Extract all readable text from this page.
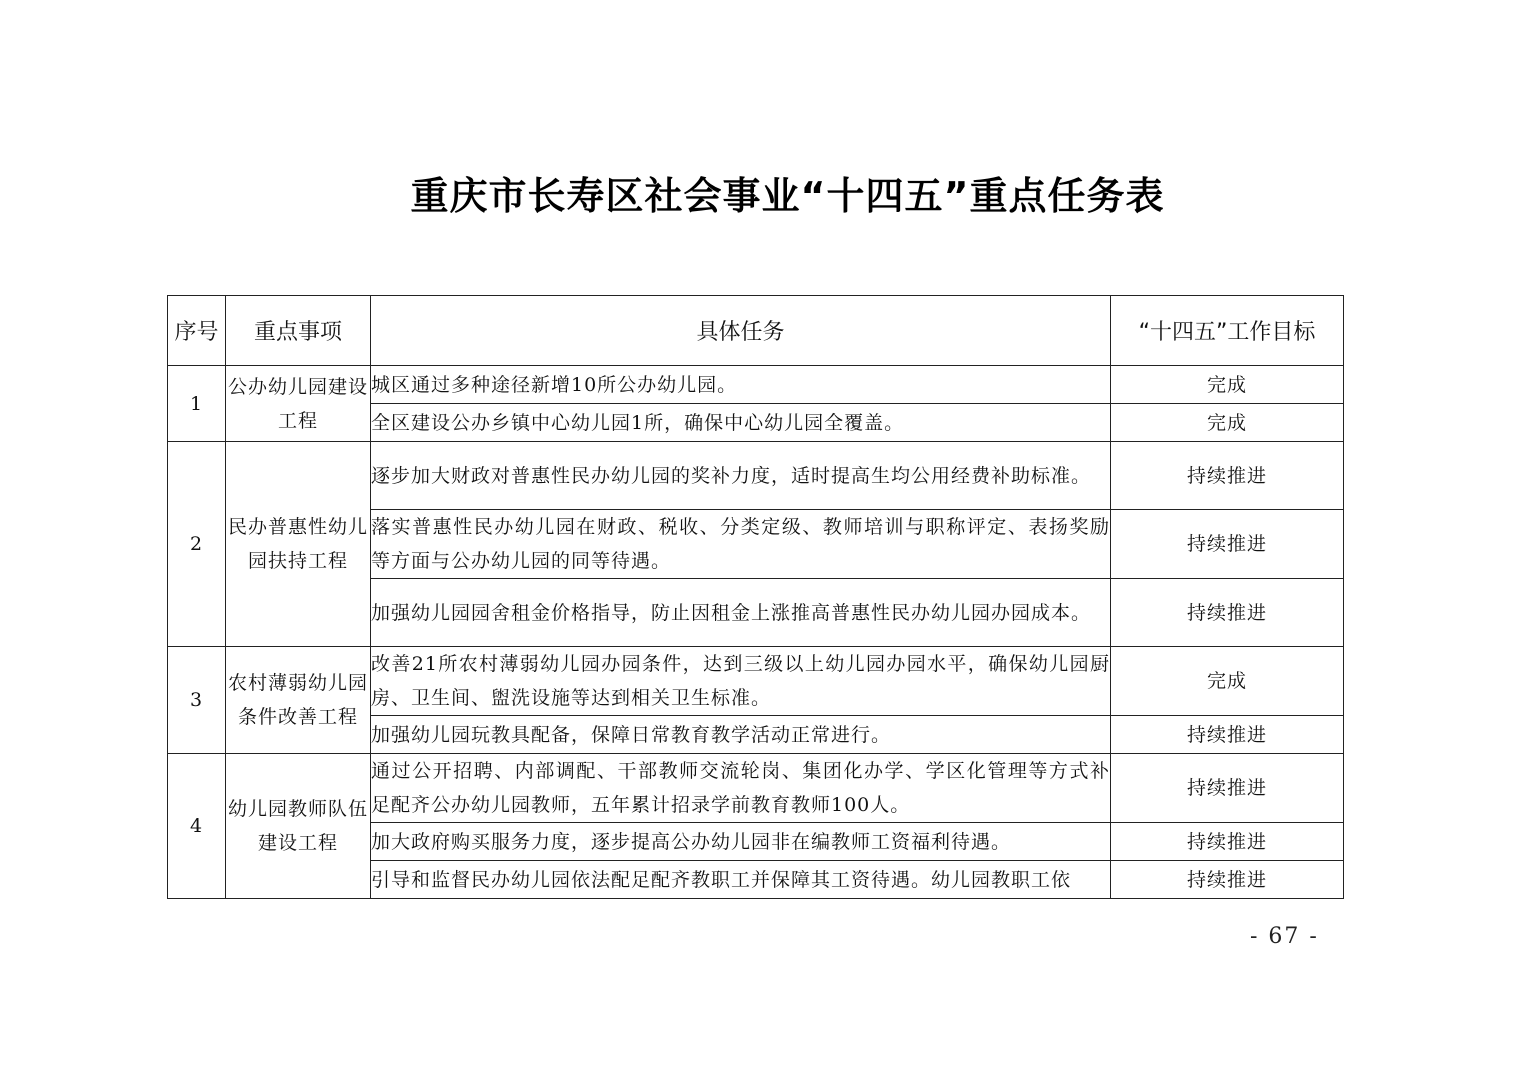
重庆市长寿区社会事业“十四五”重点任务表
序号	重点事项	具体任务	“十四五”工作目标
1	公办幼儿园建设工程	城区通过多种途径新增10所公办幼儿园。	完成
		全区建设公办乡镇中心幼儿园1所，确保中心幼儿园全覆盖。	完成
2	民办普惠性幼儿园扶持工程	逐步加大财政对普惠性民办幼儿园的奖补力度，适时提高生均公用经费补助标准。	持续推进
		落实普惠性民办幼儿园在财政、税收、分类定级、教师培训与职称评定、表扬奖励等方面与公办幼儿园的同等待遇。	持续推进
		加强幼儿园园舍租金价格指导，防止因租金上涨推高普惠性民办幼儿园办园成本。	持续推进
3	农村薄弱幼儿园条件改善工程	改善21所农村薄弱幼儿园办园条件，达到三级以上幼儿园办园水平，确保幼儿园厨房、卫生间、盥洗设施等达到相关卫生标准。	完成
		加强幼儿园玩教具配备，保障日常教育教学活动正常进行。	持续推进
4	幼儿园教师队伍建设工程	通过公开招聘、内部调配、干部教师交流轮岗、集团化办学、学区化管理等方式补足配齐公办幼儿园教师，五年累计招录学前教育教师100人。	持续推进
		加大政府购买服务力度，逐步提高公办幼儿园非在编教师工资福利待遇。	持续推进
		引导和监督民办幼儿园依法配足配齐教职工并保障其工资待遇。幼儿园教职工依	持续推进
- 67 -
